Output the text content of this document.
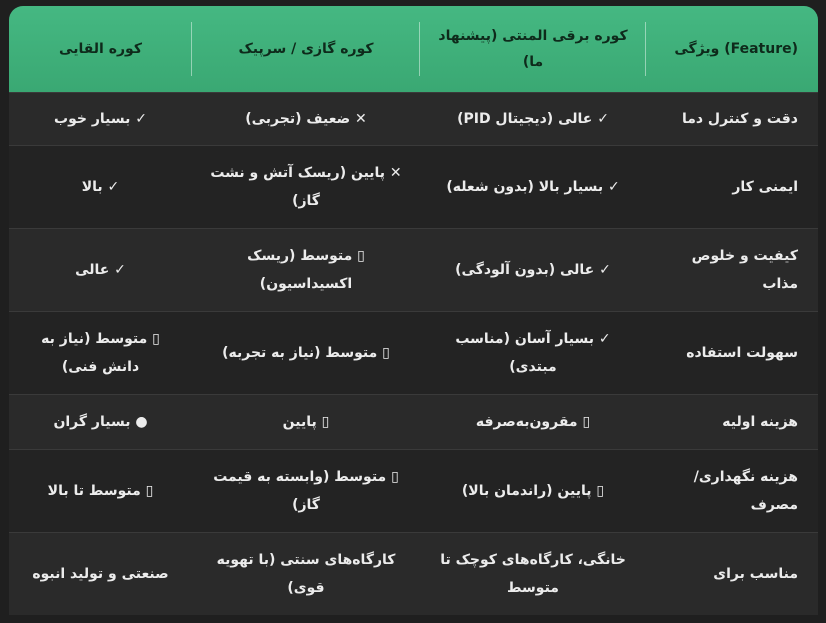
(Feature) ویژگی	کوره برقی المنتی (پیشنهاد ما)	کوره گازی / سرپیک	کوره القایی
دقت و کنترل دما	✓ عالی (دیجیتال PID)	✕ ضعیف (تجربی)	✓ بسیار خوب
ایمنی کار	✓ بسیار بالا (بدون شعله)	✕ پایین (ریسک آتش و نشت گاز)	✓ بالا
کیفیت و خلوص مذاب	✓ عالی (بدون آلودگی)	▯ متوسط (ریسک اکسیداسیون)	✓ عالی
سهولت استفاده	✓ بسیار آسان (مناسب مبتدی)	▯ متوسط (نیاز به تجربه)	▯ متوسط (نیاز به دانش فنی)
هزینه اولیه	▯ مقرون‌به‌صرفه	▯ پایین	● بسیار گران
هزینه نگهداری/ مصرف	▯ پایین (راندمان بالا)	▯ متوسط (وابسته به قیمت گاز)	▯ متوسط تا بالا
مناسب برای	خانگی، کارگاه‌های کوچک تا متوسط	کارگاه‌های سنتی (با تهویه قوی)	صنعتی و تولید انبوه
